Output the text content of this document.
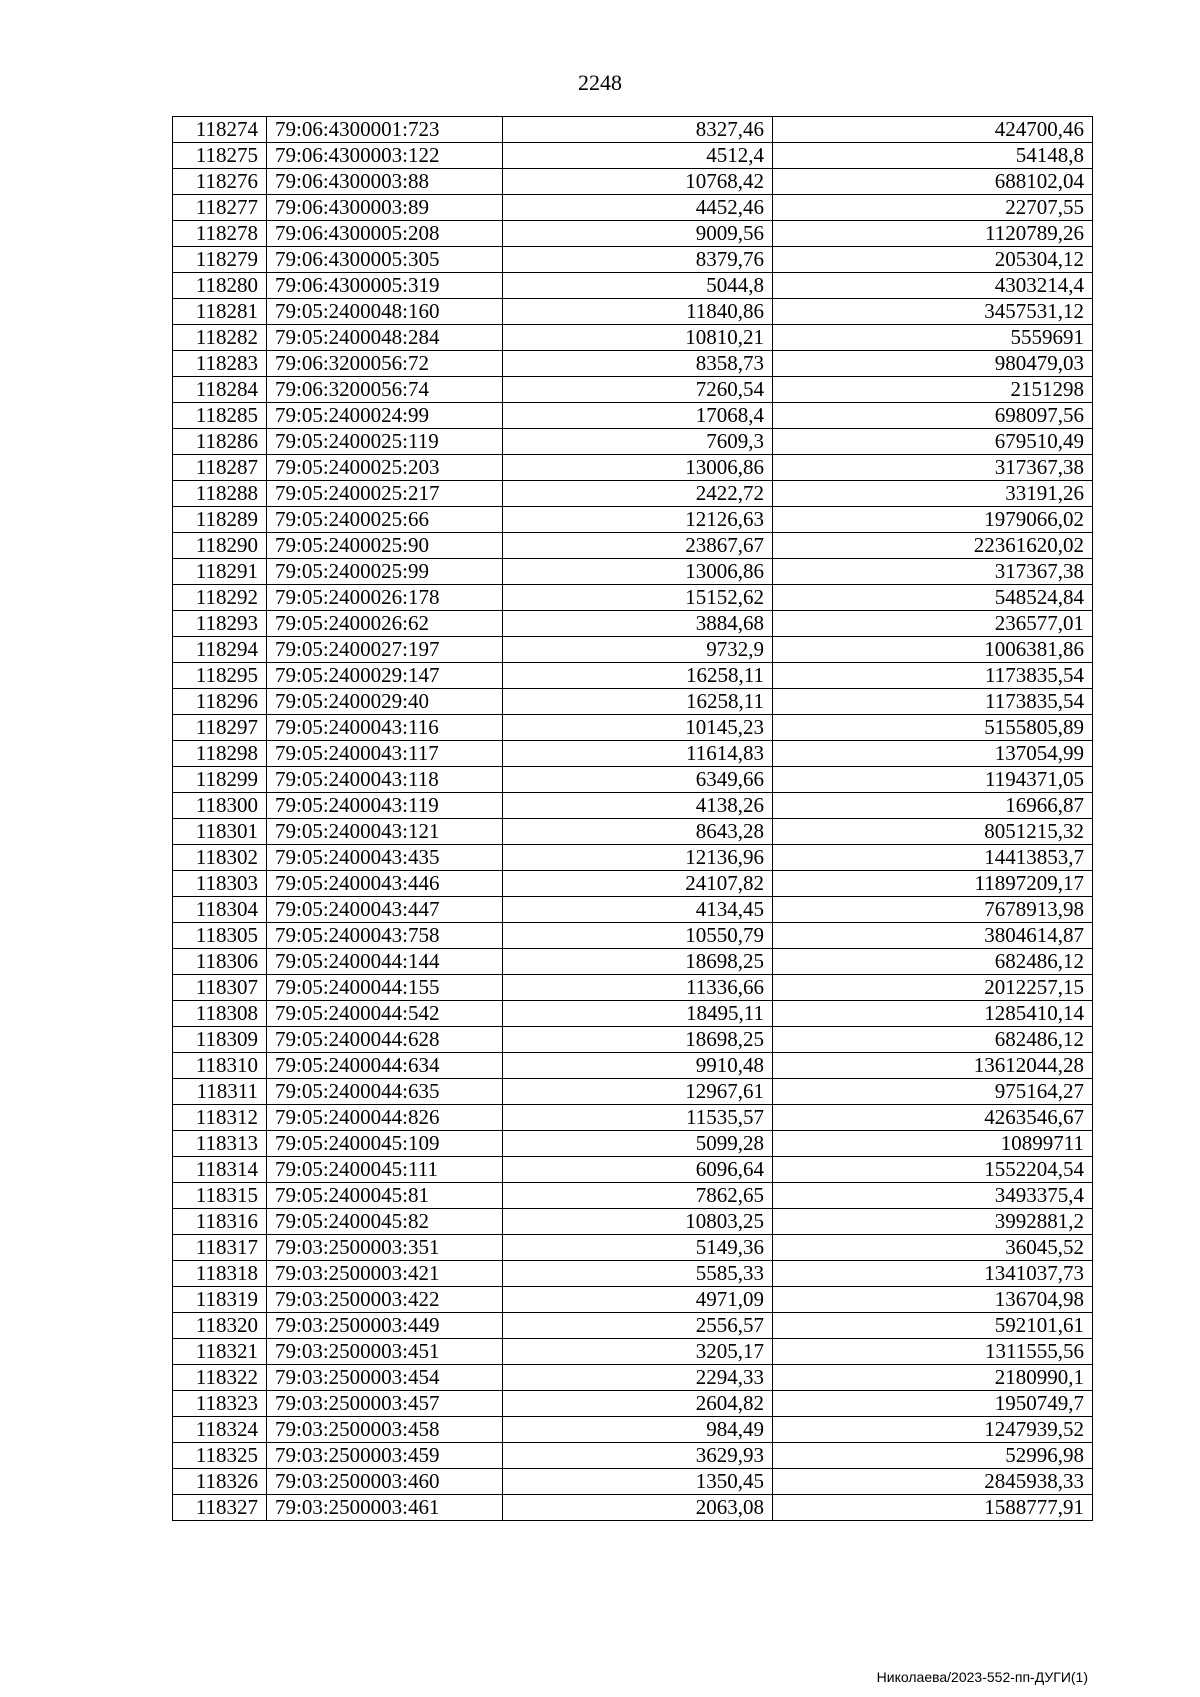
2248
118274	79:06:4300001:723	8327,46	424700,46
118275	79:06:4300003:122	4512,4	54148,8
118276	79:06:4300003:88	10768,42	688102,04
118277	79:06:4300003:89	4452,46	22707,55
118278	79:06:4300005:208	9009,56	1120789,26
118279	79:06:4300005:305	8379,76	205304,12
118280	79:06:4300005:319	5044,8	4303214,4
118281	79:05:2400048:160	11840,86	3457531,12
118282	79:05:2400048:284	10810,21	5559691
118283	79:06:3200056:72	8358,73	980479,03
118284	79:06:3200056:74	7260,54	2151298
118285	79:05:2400024:99	17068,4	698097,56
118286	79:05:2400025:119	7609,3	679510,49
118287	79:05:2400025:203	13006,86	317367,38
118288	79:05:2400025:217	2422,72	33191,26
118289	79:05:2400025:66	12126,63	1979066,02
118290	79:05:2400025:90	23867,67	22361620,02
118291	79:05:2400025:99	13006,86	317367,38
118292	79:05:2400026:178	15152,62	548524,84
118293	79:05:2400026:62	3884,68	236577,01
118294	79:05:2400027:197	9732,9	1006381,86
118295	79:05:2400029:147	16258,11	1173835,54
118296	79:05:2400029:40	16258,11	1173835,54
118297	79:05:2400043:116	10145,23	5155805,89
118298	79:05:2400043:117	11614,83	137054,99
118299	79:05:2400043:118	6349,66	1194371,05
118300	79:05:2400043:119	4138,26	16966,87
118301	79:05:2400043:121	8643,28	8051215,32
118302	79:05:2400043:435	12136,96	14413853,7
118303	79:05:2400043:446	24107,82	11897209,17
118304	79:05:2400043:447	4134,45	7678913,98
118305	79:05:2400043:758	10550,79	3804614,87
118306	79:05:2400044:144	18698,25	682486,12
118307	79:05:2400044:155	11336,66	2012257,15
118308	79:05:2400044:542	18495,11	1285410,14
118309	79:05:2400044:628	18698,25	682486,12
118310	79:05:2400044:634	9910,48	13612044,28
118311	79:05:2400044:635	12967,61	975164,27
118312	79:05:2400044:826	11535,57	4263546,67
118313	79:05:2400045:109	5099,28	10899711
118314	79:05:2400045:111	6096,64	1552204,54
118315	79:05:2400045:81	7862,65	3493375,4
118316	79:05:2400045:82	10803,25	3992881,2
118317	79:03:2500003:351	5149,36	36045,52
118318	79:03:2500003:421	5585,33	1341037,73
118319	79:03:2500003:422	4971,09	136704,98
118320	79:03:2500003:449	2556,57	592101,61
118321	79:03:2500003:451	3205,17	1311555,56
118322	79:03:2500003:454	2294,33	2180990,1
118323	79:03:2500003:457	2604,82	1950749,7
118324	79:03:2500003:458	984,49	1247939,52
118325	79:03:2500003:459	3629,93	52996,98
118326	79:03:2500003:460	1350,45	2845938,33
118327	79:03:2500003:461	2063,08	1588777,91
Николаева/2023-552-пп-ДУГИ(1)
